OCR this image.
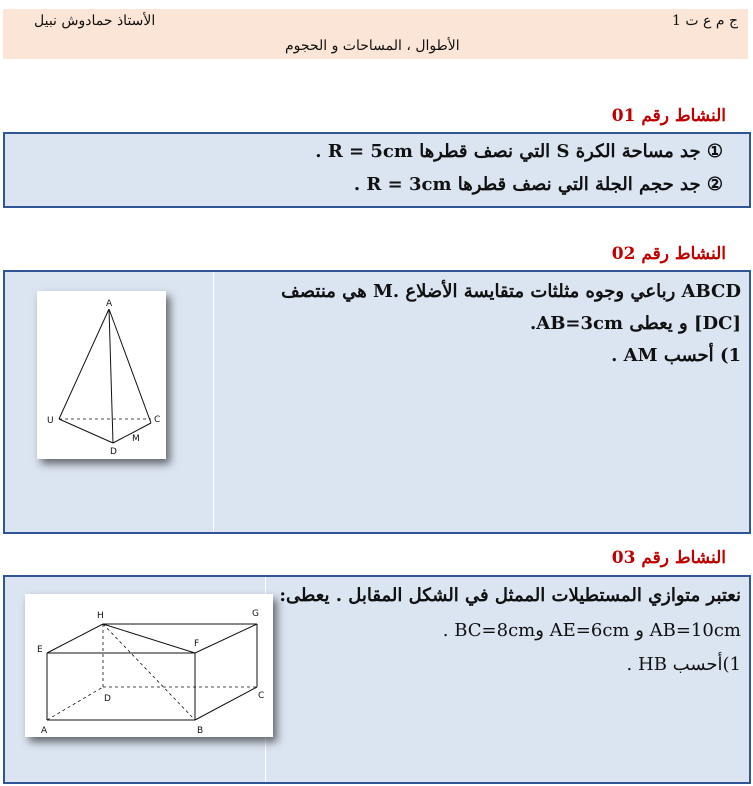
1 ج م ع ت
الأستاذ حمادوش نبيل
الأطوال ، المساحات و الحجوم
النشاط رقم 01
① جد مساحة الكرة S التي نصف قطرها R = 5cm .
② جد حجم الجلة التي نصف قطرها R = 3cm .
النشاط رقم 02
ABCD رباعي وجوه مثلثات متقايسة الأضلاع .M هي منتصف
[DC] و يعطى AB=3cm.
1) أحسب AM .
A
U	C
D
M
النشاط رقم 03
نعتبر متوازي المستطيلات الممثل في الشكل المقابل . يعطى:
AB=10cm و AE=6cm وBC=8cm .
1)أحسب HB .
H	G
E
F
D	C
A	B
